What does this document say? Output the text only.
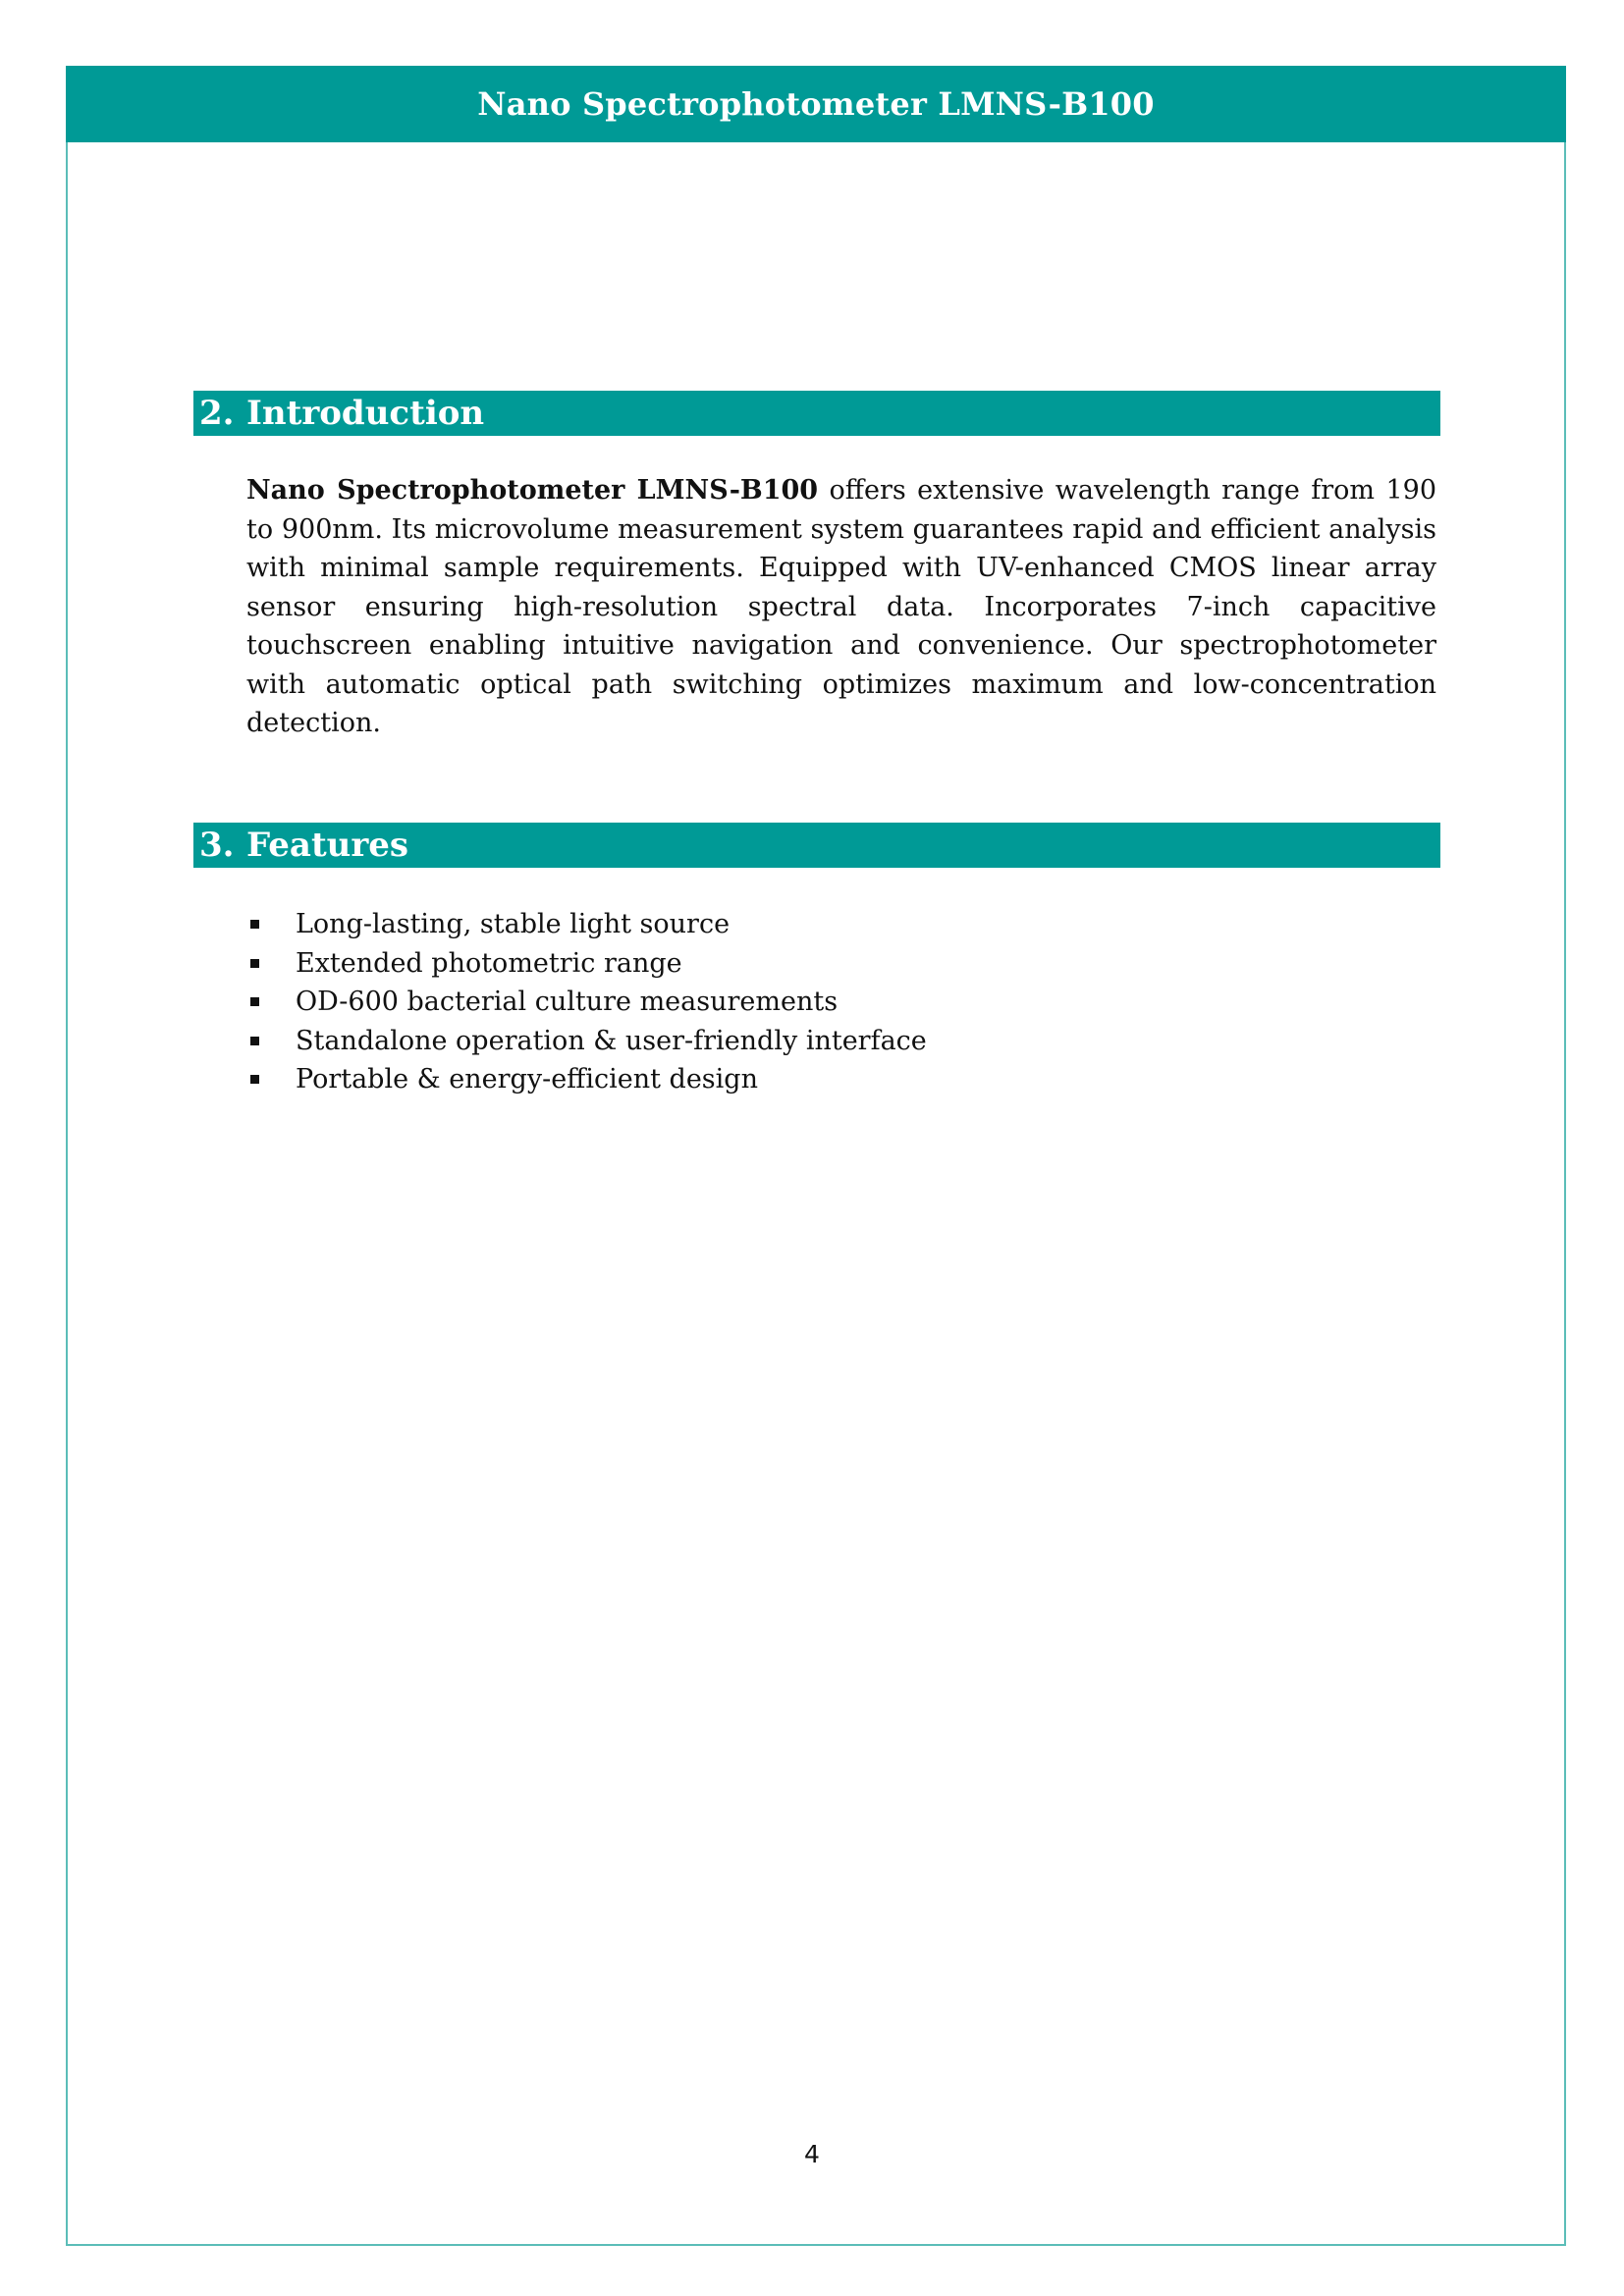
Nano Spectrophotometer LMNS-B100
2. Introduction

Nano Spectrophotometer LMNS-B100 offers extensive wavelength range from 190 to 900nm. Its microvolume measurement system guarantees rapid and efficient analysis with minimal sample requirements. Equipped with UV-enhanced CMOS linear array sensor ensuring high-resolution spectral data. Incorporates 7-inch capacitive touchscreen enabling intuitive navigation and convenience. Our spectrophotometer with automatic optical path switching optimizes maximum and low-concentration detection.

3. Features
Long-lasting, stable light source
Extended photometric range
OD-600 bacterial culture measurements
Standalone operation & user-friendly interface
Portable & energy-efficient design
4
